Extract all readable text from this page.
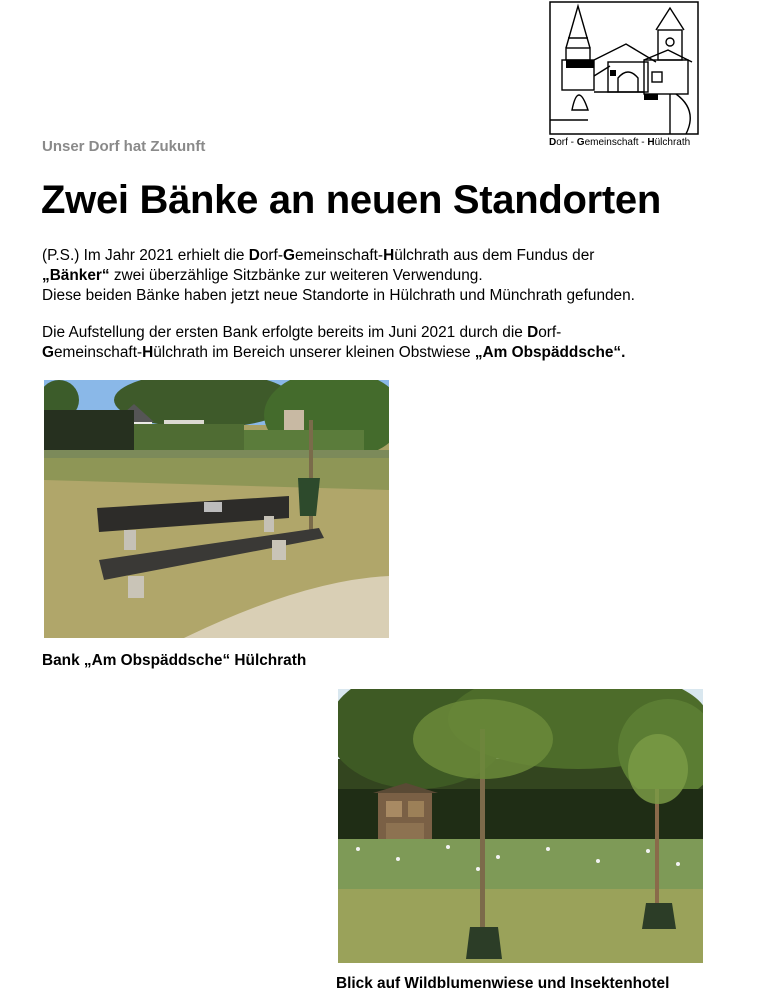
Dorf - Gemeinschaft - Hülchrath
Unser Dorf hat Zukunft
Zwei Bänke an neuen Standorten
(P.S.) Im Jahr 2021 erhielt die Dorf-Gemeinschaft-Hülchrath aus dem Fundus der
„Bänker“ zwei überzählige Sitzbänke zur weiteren Verwendung.
Diese beiden Bänke haben jetzt neue Standorte in Hülchrath und Münchrath gefunden.
Die Aufstellung der ersten Bank erfolgte bereits im Juni 2021 durch die Dorf-
Gemeinschaft-Hülchrath im Bereich unserer kleinen Obstwiese „Am Obspäddsche“.
Bank „Am Obspäddsche“ Hülchrath
Blick auf Wildblumenwiese und Insektenhotel
